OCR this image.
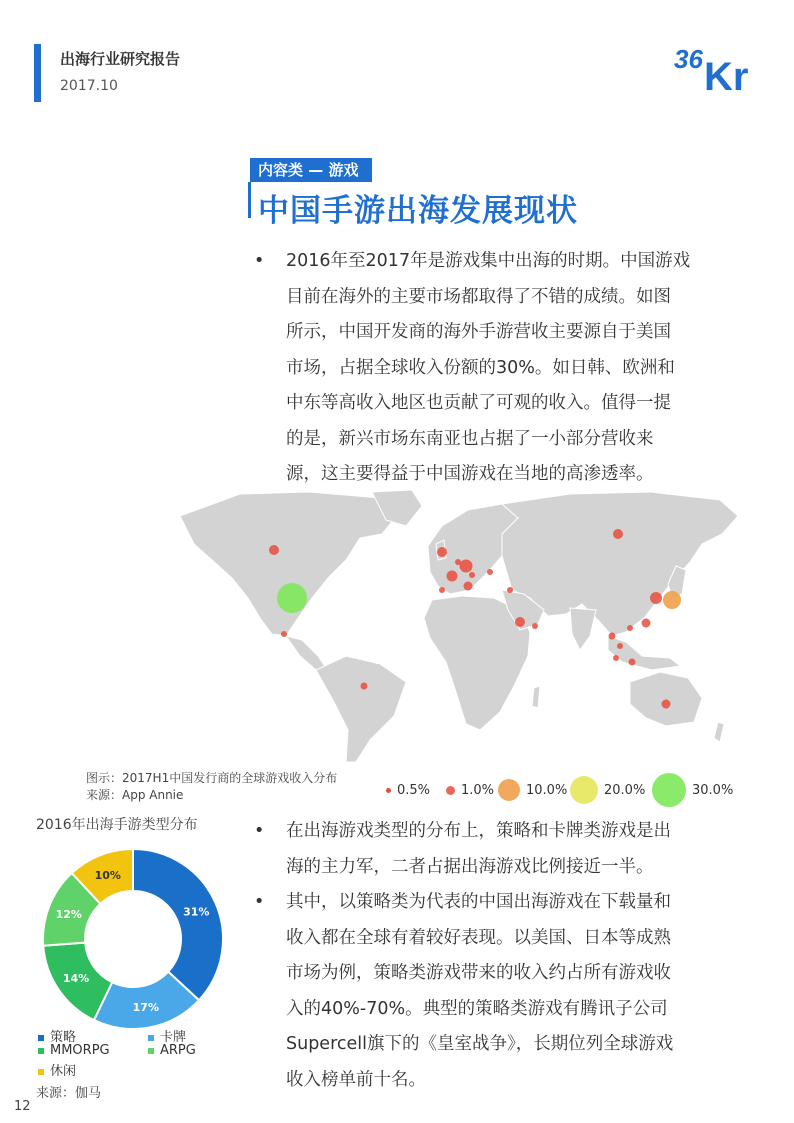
出海行业研究报告
2017.10
36 Kr
内容类 — 游戏
中国手游出海发展现状
•	2016年至2017年是游戏集中出海的时期。中国游戏
目前在海外的主要市场都取得了不错的成绩。如图
所示，中国开发商的海外手游营收主要源自于美国
市场，占据全球收入份额的30%。如日韩、欧洲和
中东等高收入地区也贡献了可观的收入。值得一提
的是，新兴市场东南亚也占据了一小部分营收来
源，这主要得益于中国游戏在当地的高渗透率。
图示：2017H1中国发行商的全球游戏收入分布
来源：App Annie	0.5% 1.0% 10.0%	20.0%	30.0%
2016年出海手游类型分布
31%
17%
14%
12%
10%
策略	卡牌
MMORPG	ARPG
休闲
来源：伽马
•	在出海游戏类型的分布上，策略和卡牌类游戏是出
海的主力军，二者占据出海游戏比例接近一半。
•	其中，以策略类为代表的中国出海游戏在下载量和
收入都在全球有着较好表现。以美国、日本等成熟
市场为例，策略类游戏带来的收入约占所有游戏收
入的40%-70%。典型的策略类游戏有腾讯子公司
Supercell旗下的《皇室战争》，长期位列全球游戏
收入榜单前十名。
12
